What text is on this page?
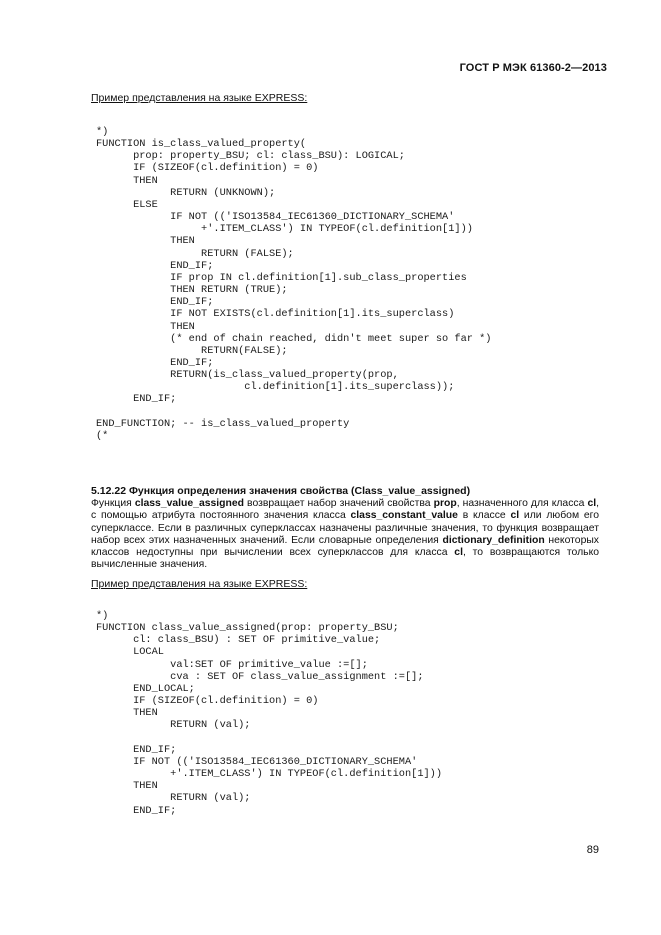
ГОСТ Р МЭК 61360-2—2013
Пример представления на языке EXPRESS:
*)
FUNCTION is_class_valued_property(
prop: property_BSU; cl: class_BSU): LOGICAL;
IF (SIZEOF(cl.definition) = 0)
THEN
RETURN (UNKNOWN);
ELSE
IF NOT (('ISO13584_IEC61360_DICTIONARY_SCHEMA'
+'.ITEM_CLASS') IN TYPEOF(cl.definition[1]))
THEN
RETURN (FALSE);
END_IF;
IF prop IN cl.definition[1].sub_class_properties
THEN RETURN (TRUE);
END_IF;
IF NOT EXISTS(cl.definition[1].its_superclass)
THEN
(* end of chain reached, didn't meet super so far *)
RETURN(FALSE);
END_IF;
RETURN(is_class_valued_property(prop,
cl.definition[1].its_superclass));
END_IF;

END_FUNCTION; -- is_class_valued_property
(*
5.12.22 Функция определения значения свойства (Class_value_assigned)

Функция class_value_assigned возвращает набор значений свойства prop, назначенного для класса cl, с помощью атрибута постоянного значения класса class_constant_value в классе cl или любом его суперклассе. Если в различных суперклассах назначены различные значения, то функция возвращает набор всех этих назначенных значений. Если словарные определения dictionary_definition некоторых классов недоступны при вычислении всех суперклассов для класса cl, то возвращаются только вычисленные значения.

Пример представления на языке EXPRESS:
*)
FUNCTION class_value_assigned(prop: property_BSU;
cl: class_BSU) : SET OF primitive_value;
LOCAL
val:SET OF primitive_value :=[];
cva : SET OF class_value_assignment :=[];
END_LOCAL;
IF (SIZEOF(cl.definition) = 0)
THEN
RETURN (val);

END_IF;
IF NOT (('ISO13584_IEC61360_DICTIONARY_SCHEMA'
+'.ITEM_CLASS') IN TYPEOF(cl.definition[1]))
THEN
RETURN (val);
END_IF;
89
